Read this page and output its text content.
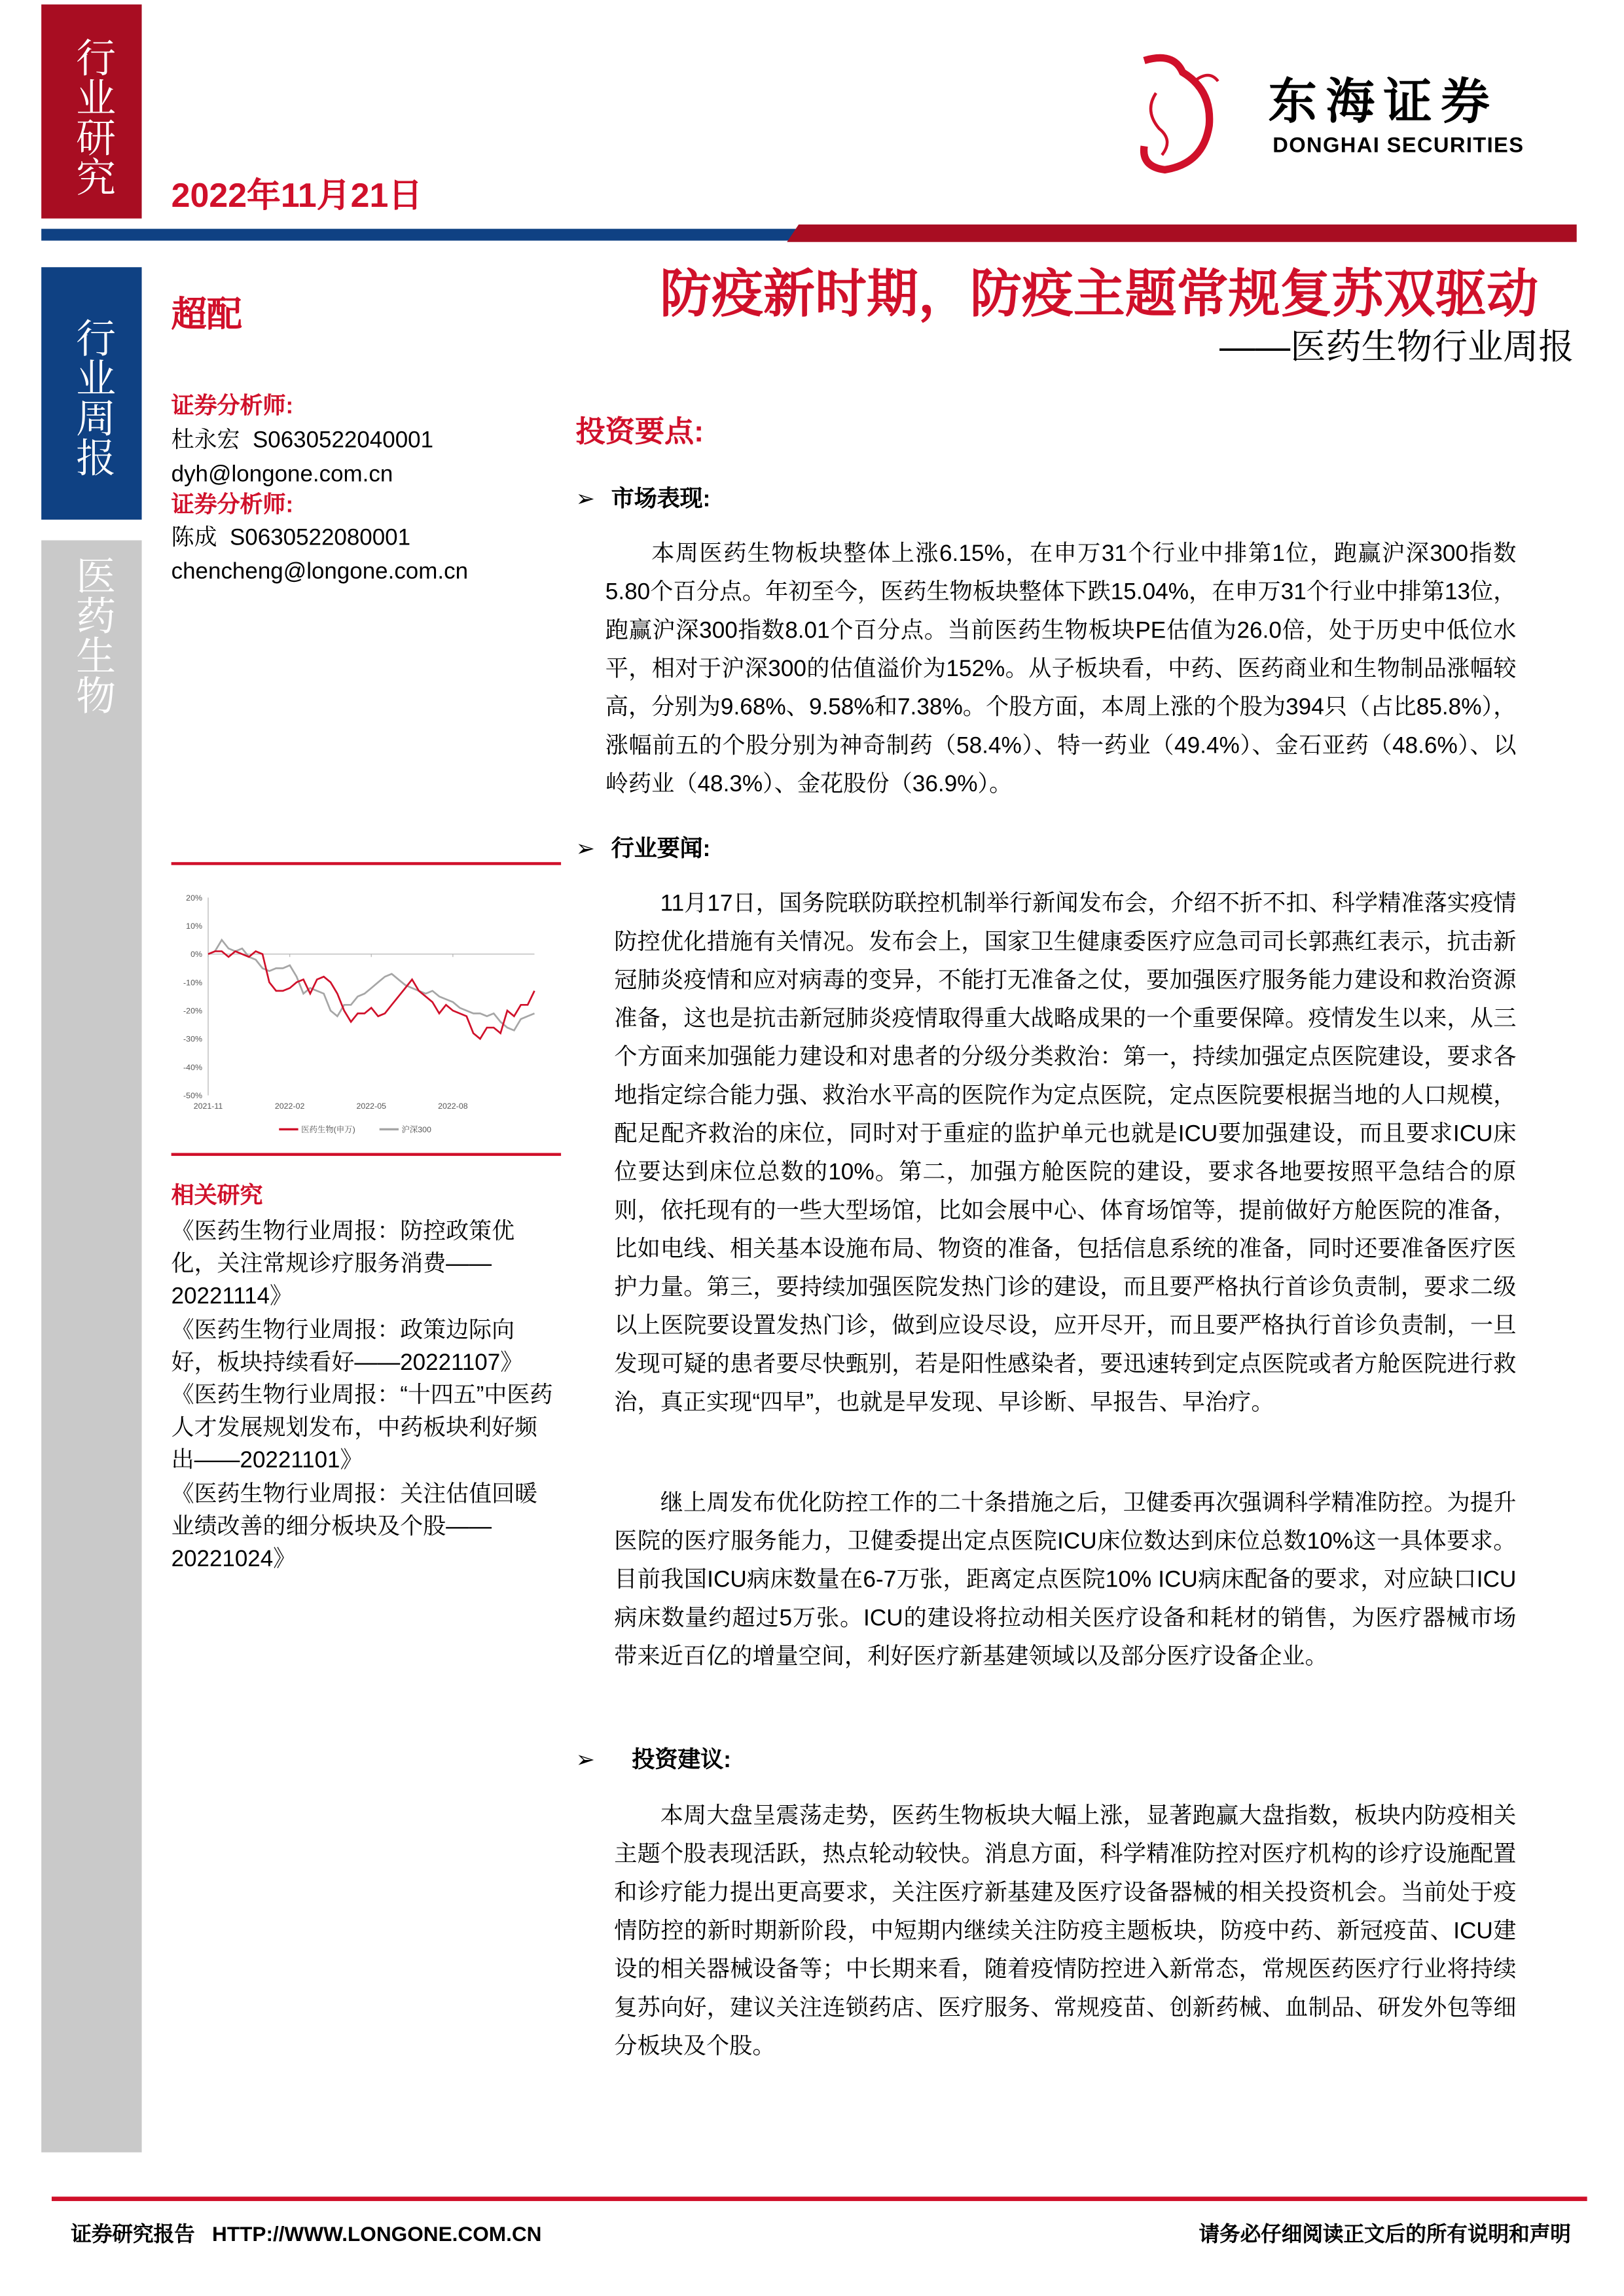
行业研究
行业周报
医药生物
2022年11月21日
东海证券
DONGHAI SECURITIES
超配	防疫新时期，防疫主题常规复苏双驱动
——医药生物行业周报
证券分析师:
杜永宏  S0630522040001
dyh@longone.com.cn
证券分析师:
陈成  S0630522080001
chencheng@longone.com.cn
20%
10%
0%
-10%
-20%
-30%
-40%
-50%
2021-11	2022-02	2022-05	2022-08
医药生物(申万)	沪深300
相关研究
《医药生物行业周报：防控政策优化，关注常规诊疗服务消费——20221114》
《医药生物行业周报：政策边际向好，板块持续看好——20221107》
《医药生物行业周报：“十四五”中医药人才发展规划发布，中药板块利好频出——20221101》
《医药生物行业周报：关注估值回暖业绩改善的细分板块及个股——20221024》
投资要点:
➢ 市场表现:
本周医药生物板块整体上涨6.15%，在申万31个行业中排第1位，跑赢沪深300指数5.80个百分点。年初至今，医药生物板块整体下跌15.04%，在申万31个行业中排第13位，跑赢沪深300指数8.01个百分点。当前医药生物板块PE估值为26.0倍，处于历史中低位水平，相对于沪深300的估值溢价为152%。从子板块看，中药、医药商业和生物制品涨幅较高，分别为9.68%、9.58%和7.38%。个股方面，本周上涨的个股为394只（占比85.8%），涨幅前五的个股分别为神奇制药（58.4%）、特一药业（49.4%）、金石亚药（48.6%）、以岭药业（48.3%）、金花股份（36.9%）。
➢ 行业要闻:
11月17日，国务院联防联控机制举行新闻发布会，介绍不折不扣、科学精准落实疫情防控优化措施有关情况。发布会上，国家卫生健康委医疗应急司司长郭燕红表示，抗击新冠肺炎疫情和应对病毒的变异，不能打无准备之仗，要加强医疗服务能力建设和救治资源准备，这也是抗击新冠肺炎疫情取得重大战略成果的一个重要保障。疫情发生以来，从三个方面来加强能力建设和对患者的分级分类救治：第一，持续加强定点医院建设，要求各地指定综合能力强、救治水平高的医院作为定点医院，定点医院要根据当地的人口规模，配足配齐救治的床位，同时对于重症的监护单元也就是ICU要加强建设，而且要求ICU床位要达到床位总数的10%。第二，加强方舱医院的建设，要求各地要按照平急结合的原则，依托现有的一些大型场馆，比如会展中心、体育场馆等，提前做好方舱医院的准备，比如电线、相关基本设施布局、物资的准备，包括信息系统的准备，同时还要准备医疗医护力量。第三，要持续加强医院发热门诊的建设，而且要严格执行首诊负责制，要求二级以上医院要设置发热门诊，做到应设尽设，应开尽开，而且要严格执行首诊负责制，一旦发现可疑的患者要尽快甄别，若是阳性感染者，要迅速转到定点医院或者方舱医院进行救治，真正实现“四早”，也就是早发现、早诊断、早报告、早治疗。
继上周发布优化防控工作的二十条措施之后，卫健委再次强调科学精准防控。为提升医院的医疗服务能力，卫健委提出定点医院ICU床位数达到床位总数10%这一具体要求。目前我国ICU病床数量在6-7万张，距离定点医院10% ICU病床配备的要求，对应缺口ICU病床数量约超过5万张。ICU的建设将拉动相关医疗设备和耗材的销售，为医疗器械市场带来近百亿的增量空间，利好医疗新基建领域以及部分医疗设备企业。
➢	投资建议:
本周大盘呈震荡走势，医药生物板块大幅上涨，显著跑赢大盘指数，板块内防疫相关主题个股表现活跃，热点轮动较快。消息方面，科学精准防控对医疗机构的诊疗设施配置和诊疗能力提出更高要求，关注医疗新基建及医疗设备器械的相关投资机会。当前处于疫情防控的新时期新阶段，中短期内继续关注防疫主题板块，防疫中药、新冠疫苗、ICU建设的相关器械设备等；中长期来看，随着疫情防控进入新常态，常规医药医疗行业将持续复苏向好，建议关注连锁药店、医疗服务、常规疫苗、创新药械、血制品、研发外包等细分板块及个股。
证券研究报告 HTTP://WWW.LONGONE.COM.CN	请务必仔细阅读正文后的所有说明和声明
